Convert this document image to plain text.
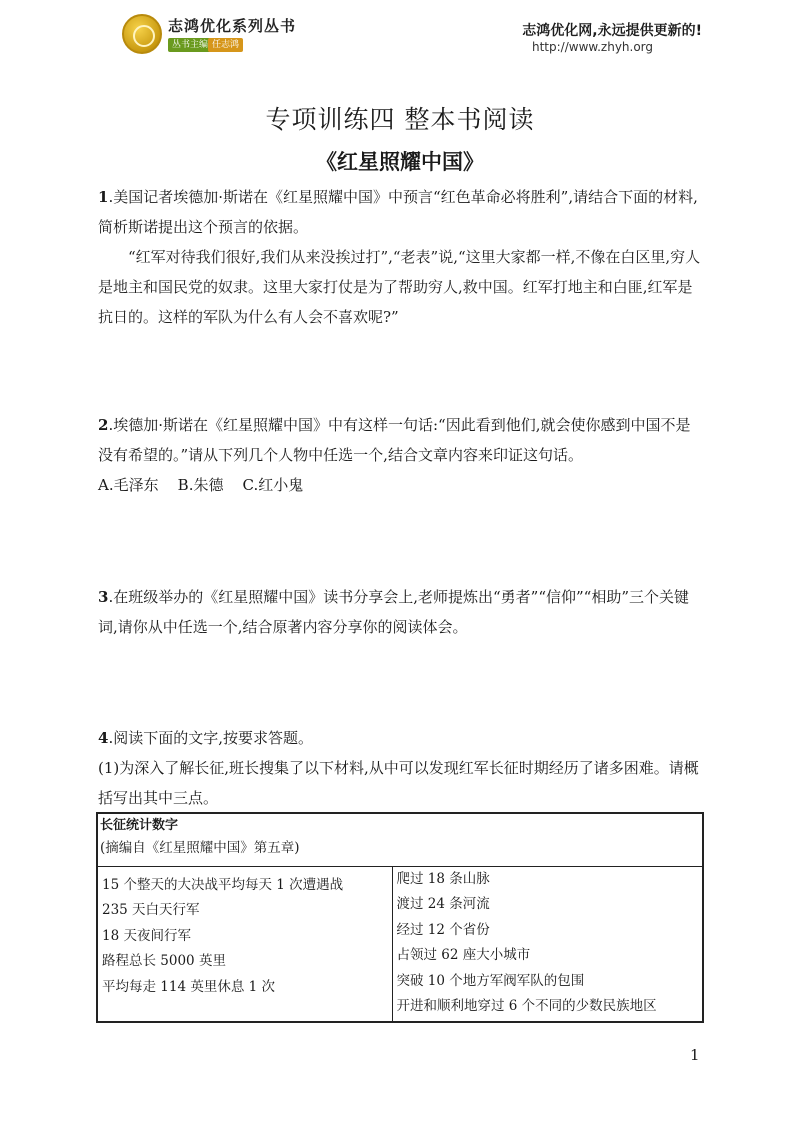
志鸿优化系列丛书
丛书主编 任志鸿
志鸿优化网,永远提供更新的!
http://www.zhyh.org
专项训练四 整本书阅读
《红星照耀中国》
1.美国记者埃德加·斯诺在《红星照耀中国》中预言“红色革命必将胜利”,请结合下面的材料,简析斯诺提出这个预言的依据。
“红军对待我们很好,我们从来没挨过打”,“老表”说,“这里大家都一样,不像在白区里,穷人是地主和国民党的奴隶。这里大家打仗是为了帮助穷人,救中国。红军打地主和白匪,红军是抗日的。这样的军队为什么有人会不喜欢呢?”
2.埃德加·斯诺在《红星照耀中国》中有这样一句话:“因此看到他们,就会使你感到中国不是没有希望的。”请从下列几个人物中任选一个,结合文章内容来印证这句话。
A.毛泽东    B.朱德    C.红小鬼
3.在班级举办的《红星照耀中国》读书分享会上,老师提炼出“勇者”“信仰”“相助”三个关键词,请你从中任选一个,结合原著内容分享你的阅读体会。
4.阅读下面的文字,按要求答题。
(1)为深入了解长征,班长搜集了以下材料,从中可以发现红军长征时期经历了诸多困难。请概括写出其中三点。
长征统计数字
(摘编自《红星照耀中国》第五章)

15 个整天的大决战平均每天 1 次遭遇战
235 天白天行军
18 天夜间行军
路程总长 5000 英里
平均每走 114 英里休息 1 次

爬过 18 条山脉
渡过 24 条河流
经过 12 个省份
占领过 62 座大小城市
突破 10 个地方军阀军队的包围
开进和顺利地穿过 6 个不同的少数民族地区
1
